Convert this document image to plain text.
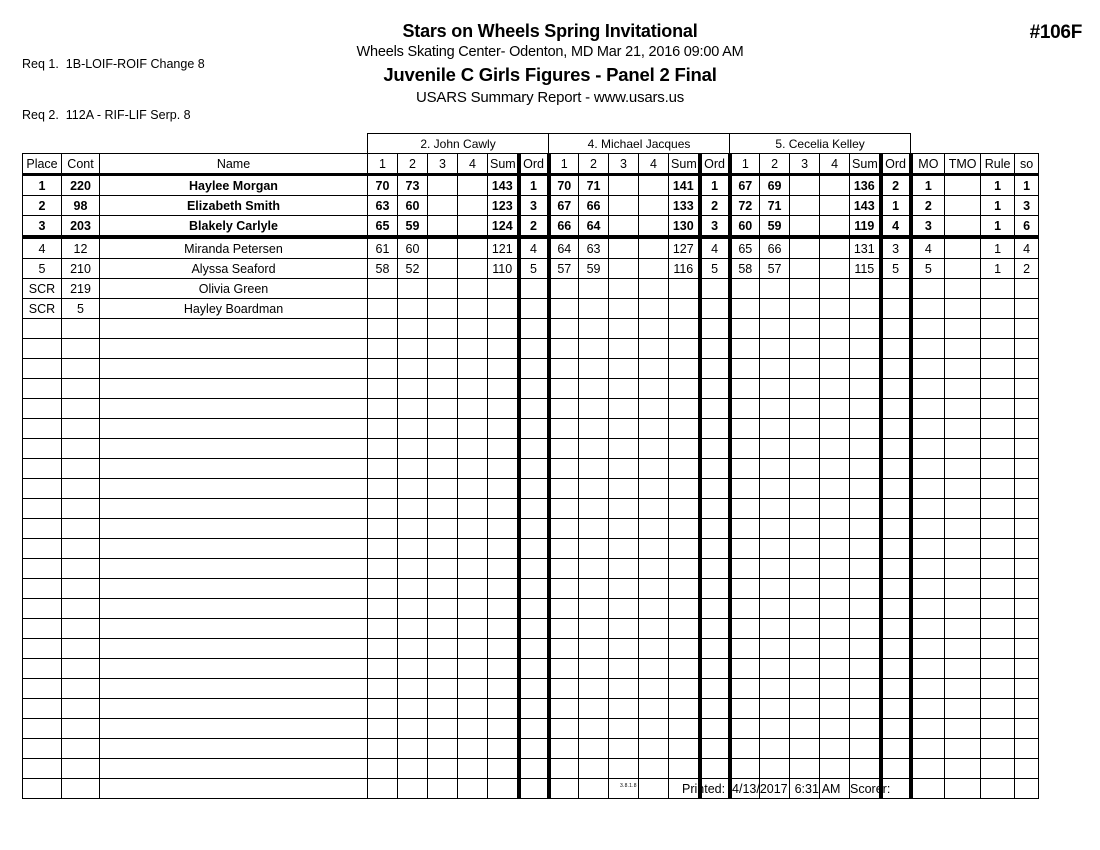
Req 1.  1B-LOIF-ROIF Change 8

Req 2.  112A - RIF-LIF Serp. 8

#106F
Stars on Wheels Spring Invitational
Wheels Skating Center- Odenton, MD Mar 21, 2016 09:00 AM
Juvenile C Girls Figures - Panel 2 Final
USARS Summary Report - www.usars.us
			2. John Cawly						4. Michael Jacques						5. Cecelia Kelley									
Place	Cont	Name	1	2	3	4	Sum	Ord	1	2	3	4	Sum	Ord	1	2	3	4	Sum	Ord	MO	TMO	Rule	so
1	220	Haylee Morgan	70	73			143	1	70	71			141	1	67	69			136	2	1		1	1
2	98	Elizabeth Smith	63	60			123	3	67	66			133	2	72	71			143	1	2		1	3
3	203	Blakely Carlyle	65	59			124	2	66	64			130	3	60	59			119	4	3		1	6
4	12	Miranda Petersen	61	60			121	4	64	63			127	4	65	66			131	3	4		1	4
5	210	Alyssa Seaford	58	52			110	5	57	59			116	5	58	57			115	5	5		1	2
SCR	219	Olivia Green																						
SCR	5	Hayley Boardman																						

3.8.1.8	Printed:  4/13/2017  6:31 AM Scorer:
